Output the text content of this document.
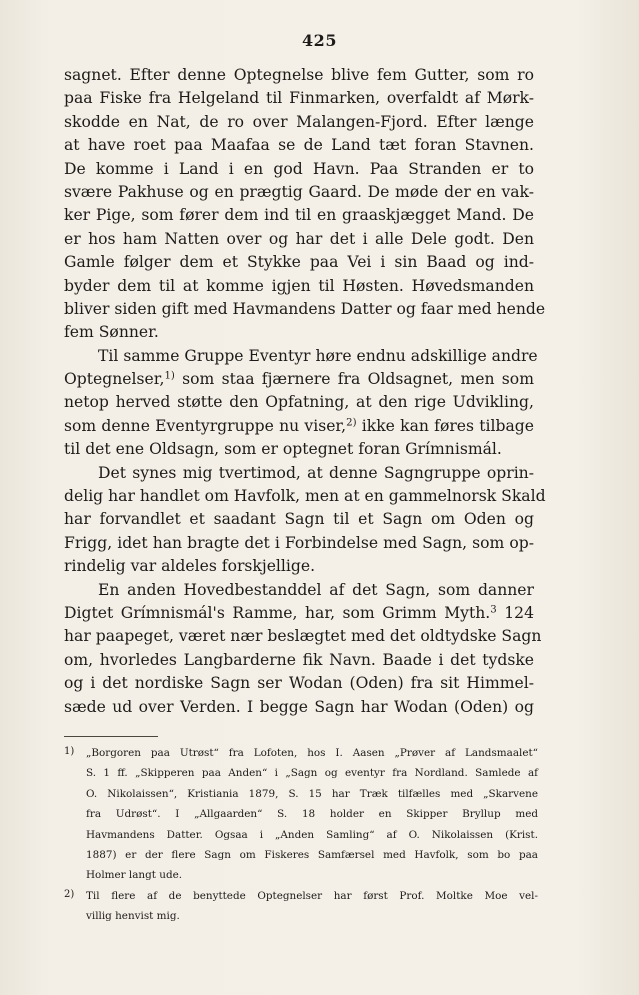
425
sagnet. Efter denne Optegnelse blive fem Gutter, som ro
paa Fiske fra Helgeland til Finmarken, overfaldt af Mørk-
skodde en Nat, de ro over Malangen-Fjord. Efter længe
at have roet paa Maafaa se de Land tæt foran Stavnen.
De komme i Land i en god Havn. Paa Stranden er to
svære Pakhuse og en prægtig Gaard. De møde der en vak-
ker Pige, som fører dem ind til en graaskjægget Mand. De
er hos ham Natten over og har det i alle Dele godt. Den
Gamle følger dem et Stykke paa Vei i sin Baad og ind-
byder dem til at komme igjen til Høsten. Høvedsmanden
bliver siden gift med Havmandens Datter og faar med hende
fem Sønner.
Til samme Gruppe Eventyr høre endnu adskillige andre
Optegnelser,$^{1)}$ som staa fjærnere fra Oldsagnet, men som
netop herved støtte den Opfatning, at den rige Udvikling,
som denne Eventyrgruppe nu viser,$^{2)}$ ikke kan føres tilbage
til det ene Oldsagn, som er optegnet foran Grímnismál.
Det synes mig tvertimod, at denne Sagngruppe oprin-
delig har handlet om Havfolk, men at en gammelnorsk Skald
har forvandlet et saadant Sagn til et Sagn om Oden og
Frigg, idet han bragte det i Forbindelse med Sagn, som op-
rindelig var aldeles forskjellige.
En anden Hovedbestanddel af det Sagn, som danner
Digtet Grímnismál's Ramme, har, som Grimm Myth.$^3$ 124
har paapeget, været nær beslægtet med det oldtydske Sagn
om, hvorledes Langbarderne fik Navn. Baade i det tydske
og i det nordiske Sagn ser Wodan (Oden) fra sit Himmel-
sæde ud over Verden. I begge Sagn har Wodan (Oden) og
1) „Borgoren paa Utrøst“ fra Lofoten, hos I. Aasen „Prøver af Landsmaalet“
S. 1 ff. „Skipperen paa Anden“ i „Sagn og eventyr fra Nordland. Samlede af
O. Nikolaissen“, Kristiania 1879, S. 15 har Træk tilfælles med „Skarvene
fra Udrøst“. I „Allgaarden“ S. 18 holder en Skipper Bryllup med
Havmandens Datter. Ogsaa i „Anden Samling“ af O. Nikolaissen (Krist.
1887) er der flere Sagn om Fiskeres Samfærsel med Havfolk, som bo paa
Holmer langt ude.
2) Til flere af de benyttede Optegnelser har først Prof. Moltke Moe vel-
villig henvist mig.
